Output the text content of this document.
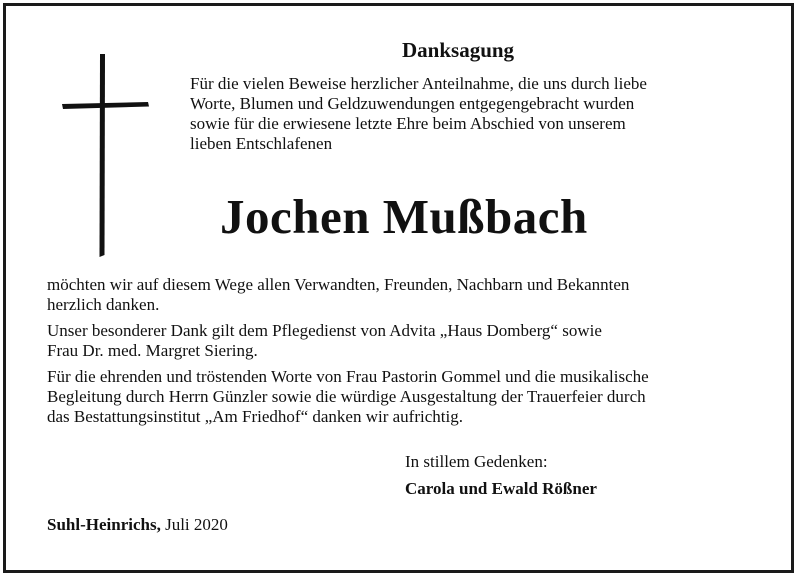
Danksagung
Für die vielen Beweise herzlicher Anteilnahme, die uns durch liebe
Worte, Blumen und Geldzuwendungen entgegengebracht wurden
sowie für die erwiesene letzte Ehre beim Abschied von unserem
lieben Entschlafenen
Jochen Mußbach

möchten wir auf diesem Wege allen Verwandten, Freunden, Nachbarn und Bekannten
herzlich danken.

Unser besonderer Dank gilt dem Pflegedienst von Advita „Haus Domberg“ sowie
Frau Dr. med. Margret Siering.

Für die ehrenden und tröstenden Worte von Frau Pastorin Gommel und die musikalische
Begleitung durch Herrn Günzler sowie die würdige Ausgestaltung der Trauerfeier durch
das Bestattungsinstitut „Am Friedhof“ danken wir aufrichtig.

In stillem Gedenken:
Carola und Ewald Rößner
Suhl-Heinrichs, Juli 2020
